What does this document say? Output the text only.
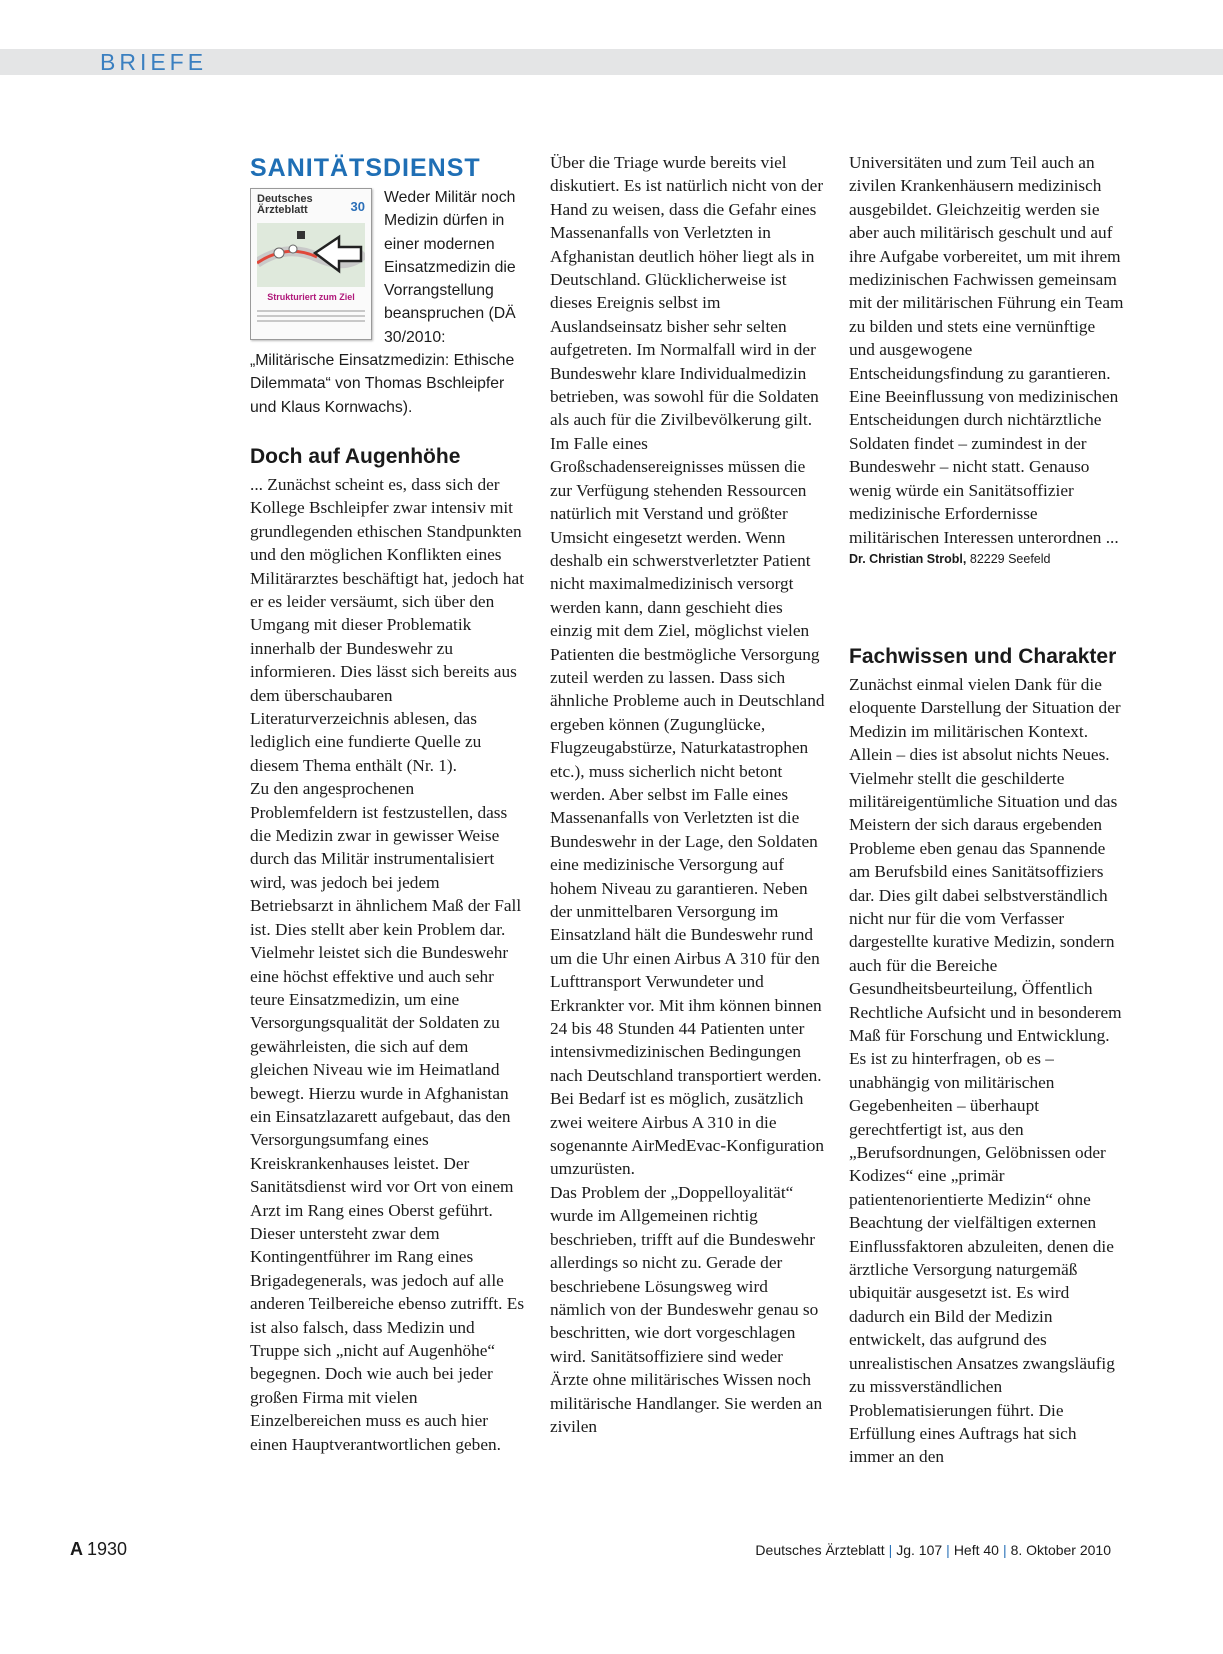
BRIEFE
SANITÄTSDIENST
Deutsches Ärzteblatt	30
Strukturiert zum Ziel

Weder Militär noch Medizin dürfen in einer modernen Einsatzmedizin die Vorrangstellung beanspruchen (DÄ 30/2010: „Militärische Einsatzmedizin: Ethische Dilemmata“ von Thomas Bschleipfer und Klaus Kornwachs).

Doch auf Augenhöhe

... Zunächst scheint es, dass sich der Kollege Bschleipfer zwar intensiv mit grundlegenden ethischen Standpunkten und den möglichen Konflikten eines Militärarztes beschäftigt hat, jedoch hat er es leider versäumt, sich über den Umgang mit dieser Problematik innerhalb der Bundeswehr zu informieren. Dies lässt sich bereits aus dem überschaubaren Literaturverzeichnis ablesen, das lediglich eine fundierte Quelle zu diesem Thema enthält (Nr. 1).

Zu den angesprochenen Problemfeldern ist festzustellen, dass die Medizin zwar in gewisser Weise durch das Militär instrumentalisiert wird, was jedoch bei jedem Betriebsarzt in ähnlichem Maß der Fall ist. Dies stellt aber kein Problem dar. Vielmehr leistet sich die Bundeswehr eine höchst effektive und auch sehr teure Einsatzmedizin, um eine Versorgungsqualität der Soldaten zu gewährleisten, die sich auf dem gleichen Niveau wie im Heimatland bewegt. Hierzu wurde in Afghanistan ein Einsatzlazarett aufgebaut, das den Versorgungsumfang eines Kreiskrankenhauses leistet. Der Sanitätsdienst wird vor Ort von einem Arzt im Rang eines Oberst geführt. Dieser untersteht zwar dem Kontingentführer im Rang eines Brigadegenerals, was jedoch auf alle anderen Teilbereiche ebenso zutrifft. Es ist also falsch, dass Medizin und Truppe sich „nicht auf Augenhöhe“ begegnen. Doch wie auch bei jeder großen Firma mit vielen Einzelbereichen muss es auch hier einen Hauptverantwortlichen geben.

Über die Triage wurde bereits viel diskutiert. Es ist natürlich nicht von der Hand zu weisen, dass die Gefahr eines Massenanfalls von Verletzten in Afghanistan deutlich höher liegt als in Deutschland. Glücklicherweise ist dieses Ereignis selbst im Auslandseinsatz bisher sehr selten aufgetreten. Im Normalfall wird in der Bundeswehr klare Individualmedizin betrieben, was sowohl für die Soldaten als auch für die Zivilbevölkerung gilt. Im Falle eines Großschadensereignisses müssen die zur Verfügung stehenden Ressourcen natürlich mit Verstand und größter Umsicht eingesetzt werden. Wenn deshalb ein schwerstverletzter Patient nicht maximalmedizinisch versorgt werden kann, dann geschieht dies einzig mit dem Ziel, möglichst vielen Patienten die bestmögliche Versorgung zuteil werden zu lassen. Dass sich ähnliche Probleme auch in Deutschland ergeben können (Zugunglücke, Flugzeugabstürze, Naturkatastrophen etc.), muss sicherlich nicht betont werden. Aber selbst im Falle eines Massenanfalls von Verletzten ist die Bundeswehr in der Lage, den Soldaten eine medizinische Versorgung auf hohem Niveau zu garantieren. Neben der unmittelbaren Versorgung im Einsatzland hält die Bundeswehr rund um die Uhr einen Airbus A 310 für den Lufttransport Verwundeter und Erkrankter vor. Mit ihm können binnen 24 bis 48 Stunden 44 Patienten unter intensivmedizinischen Bedingungen nach Deutschland transportiert werden. Bei Bedarf ist es möglich, zusätzlich zwei weitere Airbus A 310 in die sogenannte AirMedEvac-Konfiguration umzurüsten.

Das Problem der „Doppelloyalität“ wurde im Allgemeinen richtig beschrieben, trifft auf die Bundeswehr allerdings so nicht zu. Gerade der beschriebene Lösungsweg wird nämlich von der Bundeswehr genau so beschritten, wie dort vorgeschlagen wird. Sanitätsoffiziere sind weder Ärzte ohne militärisches Wissen noch militärische Handlanger. Sie werden an zivilen

Universitäten und zum Teil auch an zivilen Krankenhäusern medizinisch ausgebildet. Gleichzeitig werden sie aber auch militärisch geschult und auf ihre Aufgabe vorbereitet, um mit ihrem medizinischen Fachwissen gemeinsam mit der militärischen Führung ein Team zu bilden und stets eine vernünftige und ausgewogene Entscheidungsfindung zu garantieren. Eine Beeinflussung von medizinischen Entscheidungen durch nichtärztliche Soldaten findet – zumindest in der Bundeswehr – nicht statt. Genauso wenig würde ein Sanitätsoffizier medizinische Erfordernisse militärischen Interessen unterordnen ...

Dr. Christian Strobl, 82229 Seefeld

Fachwissen und Charakter

Zunächst einmal vielen Dank für die eloquente Darstellung der Situation der Medizin im militärischen Kontext. Allein – dies ist absolut nichts Neues.

Vielmehr stellt die geschilderte militäreigentümliche Situation und das Meistern der sich daraus ergebenden Probleme eben genau das Spannende am Berufsbild eines Sanitätsoffiziers dar. Dies gilt dabei selbstverständlich nicht nur für die vom Verfasser dargestellte kurative Medizin, sondern auch für die Bereiche Gesundheitsbeurteilung, Öffentlich Rechtliche Aufsicht und in besonderem Maß für Forschung und Entwicklung.

Es ist zu hinterfragen, ob es – unabhängig von militärischen Gegebenheiten – überhaupt gerechtfertigt ist, aus den „Berufsordnungen, Gelöbnissen oder Kodizes“ eine „primär patientenorientierte Medizin“ ohne Beachtung der vielfältigen externen Einflussfaktoren abzuleiten, denen die ärztliche Versorgung naturgemäß ubiquitär ausgesetzt ist. Es wird dadurch ein Bild der Medizin entwickelt, das aufgrund des unrealistischen Ansatzes zwangsläufig zu missverständlichen Problematisierungen führt. Die Erfüllung eines Auftrags hat sich immer an den

A 1930	Deutsches Ärzteblatt | Jg. 107 | Heft 40 | 8. Oktober 2010
